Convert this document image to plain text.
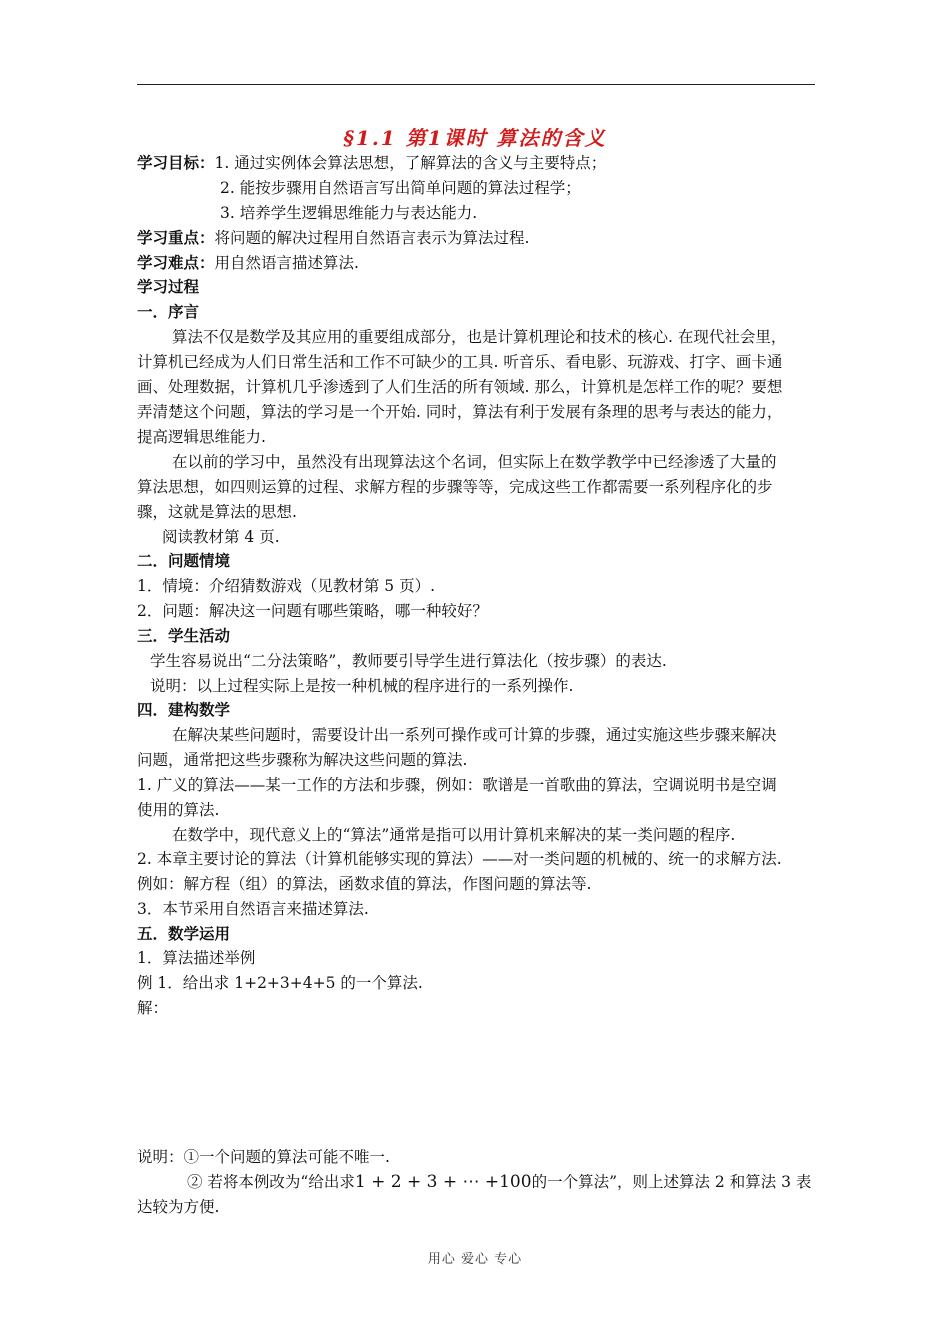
§1.1 第1课时 算法的含义
学习目标：1. 通过实例体会算法思想，了解算法的含义与主要特点；
2. 能按步骤用自然语言写出简单问题的算法过程学；
3. 培养学生逻辑思维能力与表达能力.
学习重点：将问题的解决过程用自然语言表示为算法过程.
学习难点：用自然语言描述算法.
学习过程
一．序言
算法不仅是数学及其应用的重要组成部分，也是计算机理论和技术的核心. 在现代社会里，
计算机已经成为人们日常生活和工作不可缺少的工具. 听音乐、看电影、玩游戏、打字、画卡通
画、处理数据，计算机几乎渗透到了人们生活的所有领域. 那么，计算机是怎样工作的呢？要想
弄清楚这个问题，算法的学习是一个开始. 同时，算法有利于发展有条理的思考与表达的能力，
提高逻辑思维能力.
在以前的学习中，虽然没有出现算法这个名词，但实际上在数学教学中已经渗透了大量的
算法思想，如四则运算的过程、求解方程的步骤等等，完成这些工作都需要一系列程序化的步
骤，这就是算法的思想.
阅读教材第 4 页.
二．问题情境
1．情境：介绍猜数游戏（见教材第 5 页）.
2．问题：解决这一问题有哪些策略，哪一种较好？
三．学生活动
学生容易说出“二分法策略”，教师要引导学生进行算法化（按步骤）的表达.
说明：以上过程实际上是按一种机械的程序进行的一系列操作.
四．建构数学
在解决某些问题时，需要设计出一系列可操作或可计算的步骤，通过实施这些步骤来解决
问题，通常把这些步骤称为解决这些问题的算法.
1. 广义的算法——某一工作的方法和步骤，例如：歌谱是一首歌曲的算法，空调说明书是空调
使用的算法.
在数学中，现代意义上的“算法”通常是指可以用计算机来解决的某一类问题的程序.
2. 本章主要讨论的算法（计算机能够实现的算法）——对一类问题的机械的、统一的求解方法.
例如：解方程（组）的算法，函数求值的算法，作图问题的算法等.
3．本节采用自然语言来描述算法.
五．数学运用
1．算法描述举例
例 1．给出求 1+2+3+4+5 的一个算法.
解：
说明：①一个问题的算法可能不唯一.
② 若将本例改为“给出求1 + 2 + 3 + ⋯ +100的一个算法”，则上述算法 2 和算法 3 表
达较为方便.
用心 爱心 专心
